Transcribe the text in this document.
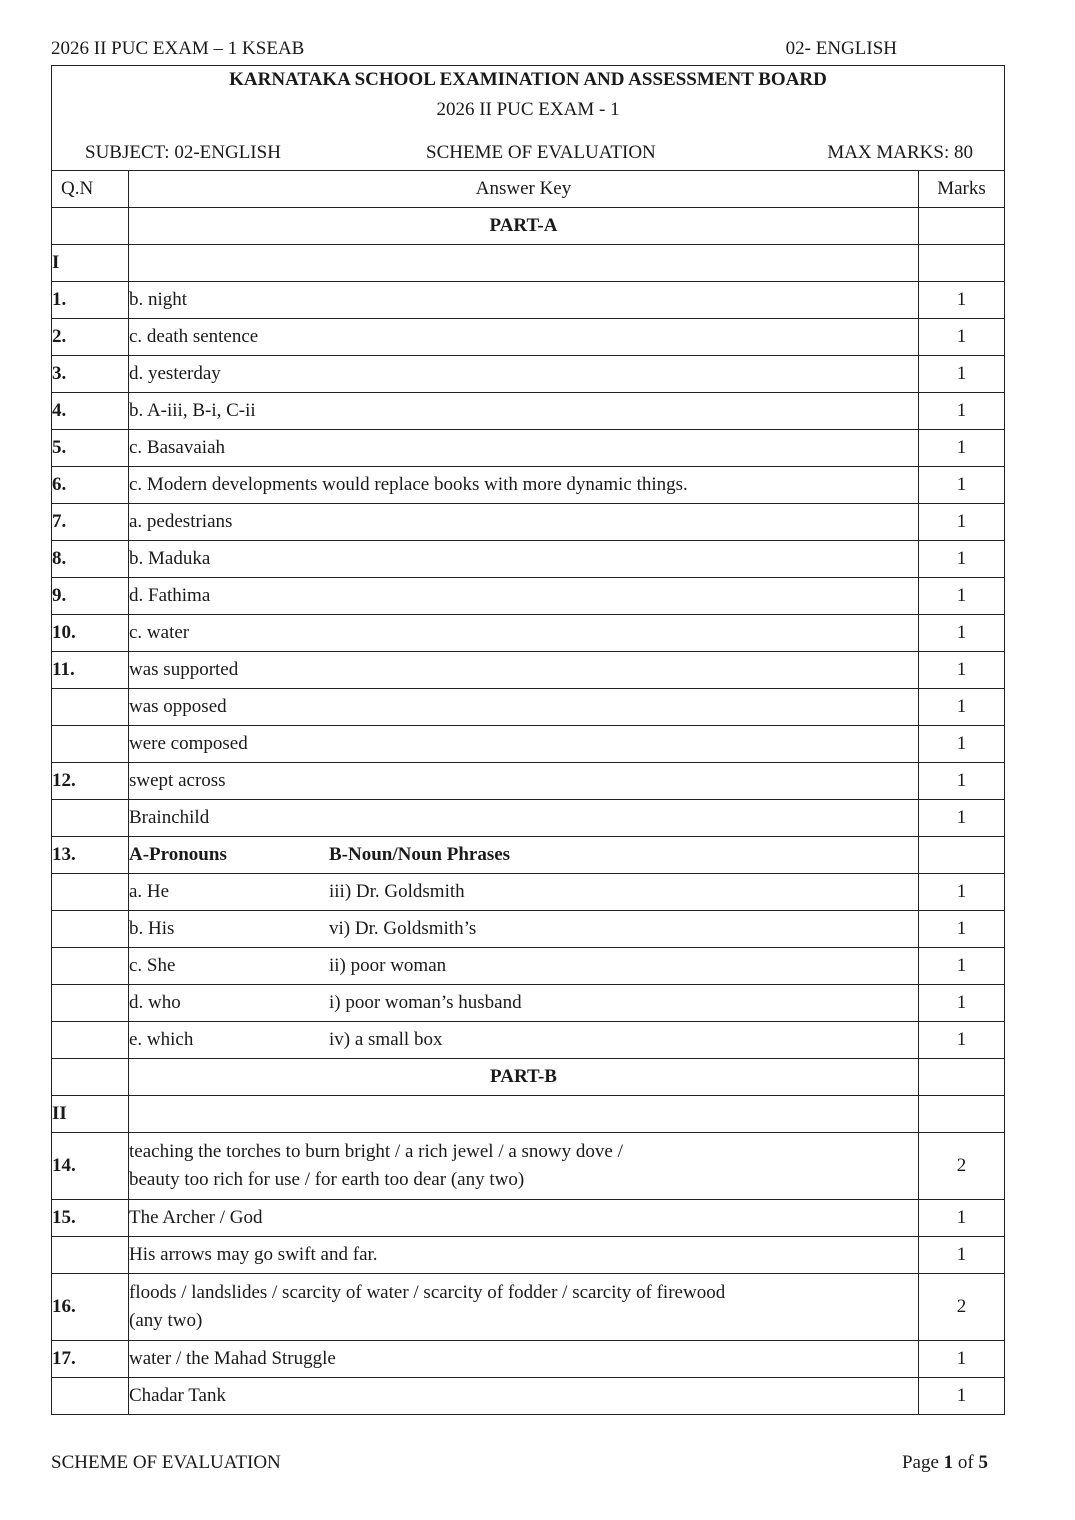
2026 II PUC EXAM – 1 KSEAB	02- ENGLISH
KARNATAKA SCHOOL EXAMINATION AND ASSESSMENT BOARD
2026 II PUC EXAM - 1
SUBJECT: 02-ENGLISH SCHEME OF EVALUATION MAX MARKS: 80		

Q.N	Answer Key	Marks
	PART-A	
I		
1.	b. night	1
2.	c. death sentence	1
3.	d. yesterday	1
4.	b. A-iii, B-i, C-ii	1
5.	c. Basavaiah	1
6.	c. Modern developments would replace books with more dynamic things.	1
7.	a. pedestrians	1
8.	b. Maduka	1
9.	d. Fathima	1
10.	c. water	1
11.	was supported	1
	was opposed	1
	were composed	1
12.	swept across	1
	Brainchild	1
13.	A-Pronouns B-Noun/Noun Phrases	
	a. He iii) Dr. Goldsmith	1
	b. His vi) Dr. Goldsmith’s	1
	c. She ii) poor woman	1
	d. who i) poor woman’s husband	1
	e. which iv) a small box	1
	PART-B	
II		
14.	teaching the torches to burn bright / a rich jewel / a snowy dove /
beauty too rich for use / for earth too dear (any two)	2
15.	The Archer / God	1
	His arrows may go swift and far.	1
16.	floods / landslides / scarcity of water / scarcity of fodder / scarcity of firewood
(any two)	2
17.	water / the Mahad Struggle	1
	Chadar Tank	1
SCHEME OF EVALUATION	Page 1 of 5
